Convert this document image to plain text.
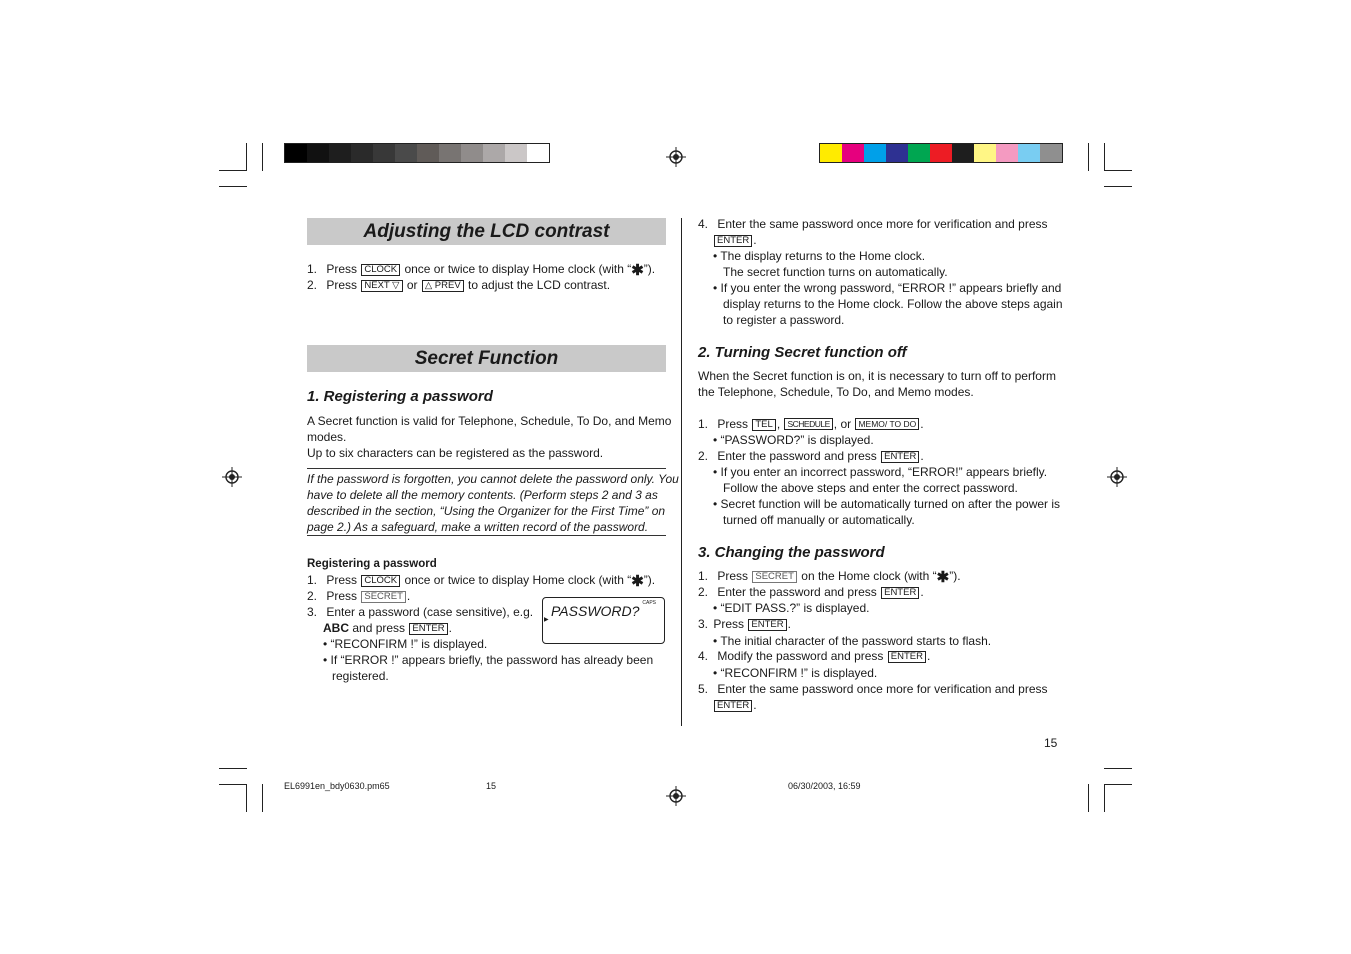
Adjusting the LCD contrast
1. Press CLOCK once or twice to display Home clock (with “✱”).
2. Press NEXT ▽ or △ PREV to adjust the LCD contrast.
Secret Function
1. Registering a password
A Secret function is valid for Telephone, Schedule, To Do, and Memo
modes.
Up to six characters can be registered as the password.
If the password is forgotten, you cannot delete the password only. You
have to delete all the memory contents. (Perform steps 2 and 3 as
described in the section, “Using the Organizer for the First Time” on
page 2.) As a safeguard, make a written record of the password.
Registering a password
1. Press CLOCK once or twice to display Home clock (with “✱”).
2. Press SECRET .
3. Enter a password (case sensitive), e.g.
ABC and press ENTER .
• “RECONFIRM !” is displayed.
• If “ERROR !” appears briefly, the password has already been
registered.
CAPS
▶
PASSWORD?
4. Enter the same password once more for verification and press
ENTER .
• The display returns to the Home clock.
The secret function turns on automatically.
• If you enter the wrong password, “ERROR !” appears briefly and
display returns to the Home clock. Follow the above steps again
to register a password.
2. Turning Secret function off
When the Secret function is on, it is necessary to turn off to perform
the Telephone, Schedule, To Do, and Memo modes.
1. Press TEL , SCHEDULE , or MEMO/ TO DO .
• “PASSWORD?” is displayed.
2. Enter the password and press ENTER .
• If you enter an incorrect password, “ERROR!” appears briefly.
Follow the above steps and enter the correct password.
• Secret function will be automatically turned on after the power is
turned off manually or automatically.
3. Changing the password
1. Press SECRET on the Home clock (with “✱”).
2. Enter the password and press ENTER .
• “EDIT PASS.?” is displayed.
3. Press ENTER .
• The initial character of the password starts to flash.
4. Modify the password and press ENTER .
• “RECONFIRM !” is displayed.
5. Enter the same password once more for verification and press
ENTER .
15
EL6991en_bdy0630.pm65	15	06/30/2003, 16:59
